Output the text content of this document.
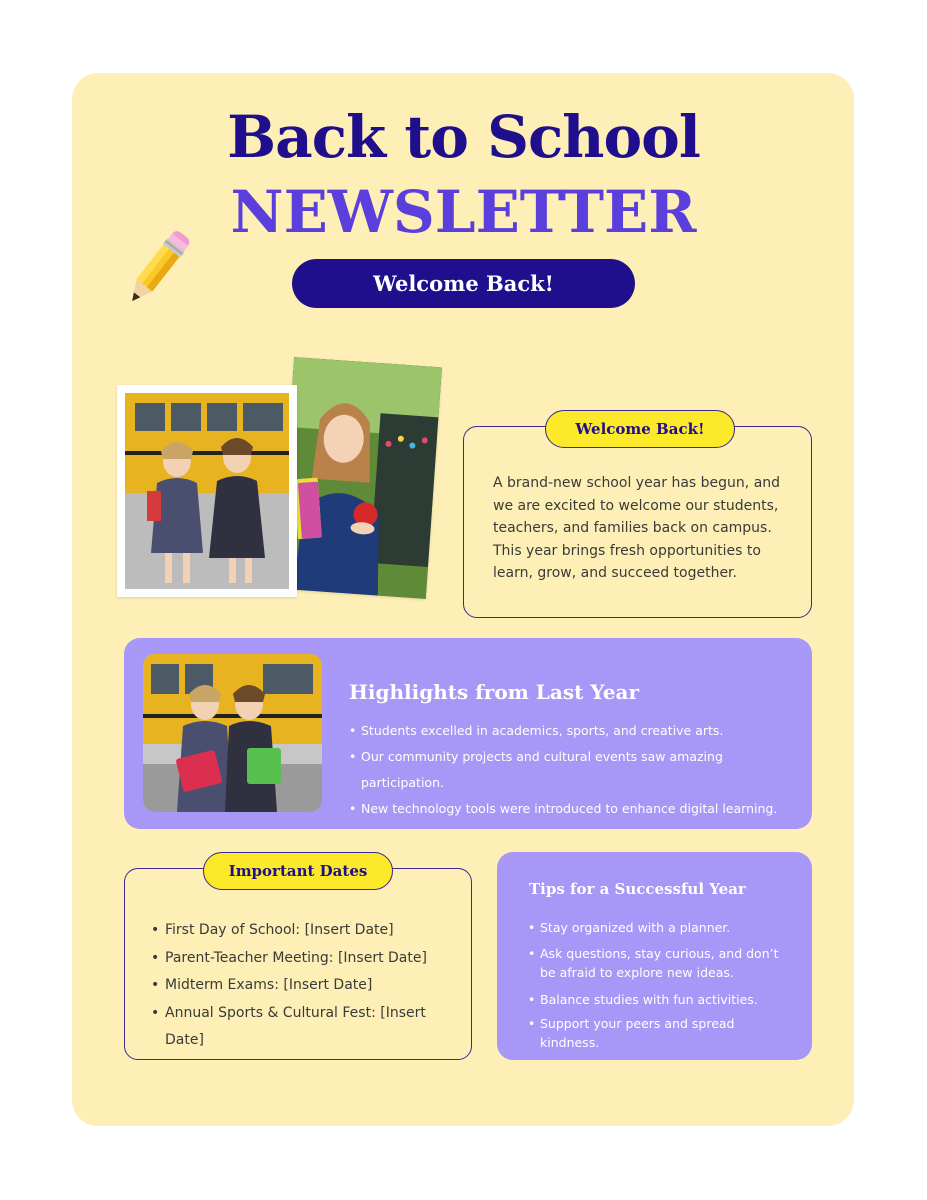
Back to School
NEWSLETTER
Welcome Back!
Welcome Back!
A brand-new school year has begun, and we are excited to welcome our students, teachers, and families back on campus. This year brings fresh opportunities to learn, grow, and succeed together.
Highlights from Last Year
• Students excelled in academics, sports, and creative arts.
• Our community projects and cultural events saw amazing participation.
• New technology tools were introduced to enhance digital learning.
Important Dates
• First Day of School: [Insert Date]
• Parent-Teacher Meeting: [Insert Date]
• Midterm Exams: [Insert Date]
• Annual Sports & Cultural Fest: [Insert Date]
Tips for a Successful Year
• Stay organized with a planner.
• Ask questions, stay curious, and don’t be afraid to explore new ideas.
• Balance studies with fun activities.
• Support your peers and spread kindness.
